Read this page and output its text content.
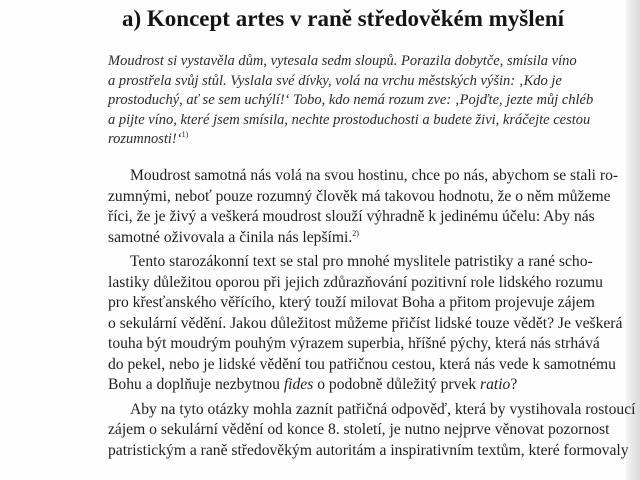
a) Koncept artes v raně středověkém myšlení
Moudrost si vystavěla dům, vytesala sedm sloupů. Porazila dobytče, smísila víno
a prostřela svůj stůl. Vyslala své dívky, volá na vrchu městských výšin: ‚Kdo je
prostoduchý, ať se sem uchýlí!‘ Tobo, kdo nemá rozum zve: ‚Pojďte, jezte můj chléb
a pijte víno, které jsem smísila, nechte prostoduchosti a budete živi, kráčejte cestou
rozumnosti!‘$^{1)}$
Moudrost samotná nás volá na svou hostinu, chce po nás, abychom se stali ro-
zumnými, neboť pouze rozumný člověk má takovou hodnotu, že o něm můžeme
říci, že je živý a veškerá moudrost slouží výhradně k jedinému účelu: Aby nás
samotné oživovala a činila nás lepšími.$^{2)}$
Tento starozákonní text se stal pro mnohé myslitele patristiky a rané scho-
lastiky důležitou oporou při jejich zdůrazňování pozitivní role lidského rozumu
pro křesťanského věřícího, který touží milovat Boha a přitom projevuje zájem
o sekulární vědění. Jakou důležitost můžeme přičíst lidské touze vědět? Je veškerá
touha být moudrým pouhým výrazem superbia, hříšné pýchy, která nás strhává
do pekel, nebo je lidské vědění tou patřičnou cestou, která nás vede k samotnému
Bohu a doplňuje nezbytnou fides o podobně důležitý prvek ratio?
Aby na tyto otázky mohla zaznít patřičná odpověď, která by vystihovala rostoucí
zájem o sekulární vědění od konce 8. století, je nutno nejprve věnovat pozornost
patristickým a raně středověkým autoritám a inspirativním textům, které formovaly
